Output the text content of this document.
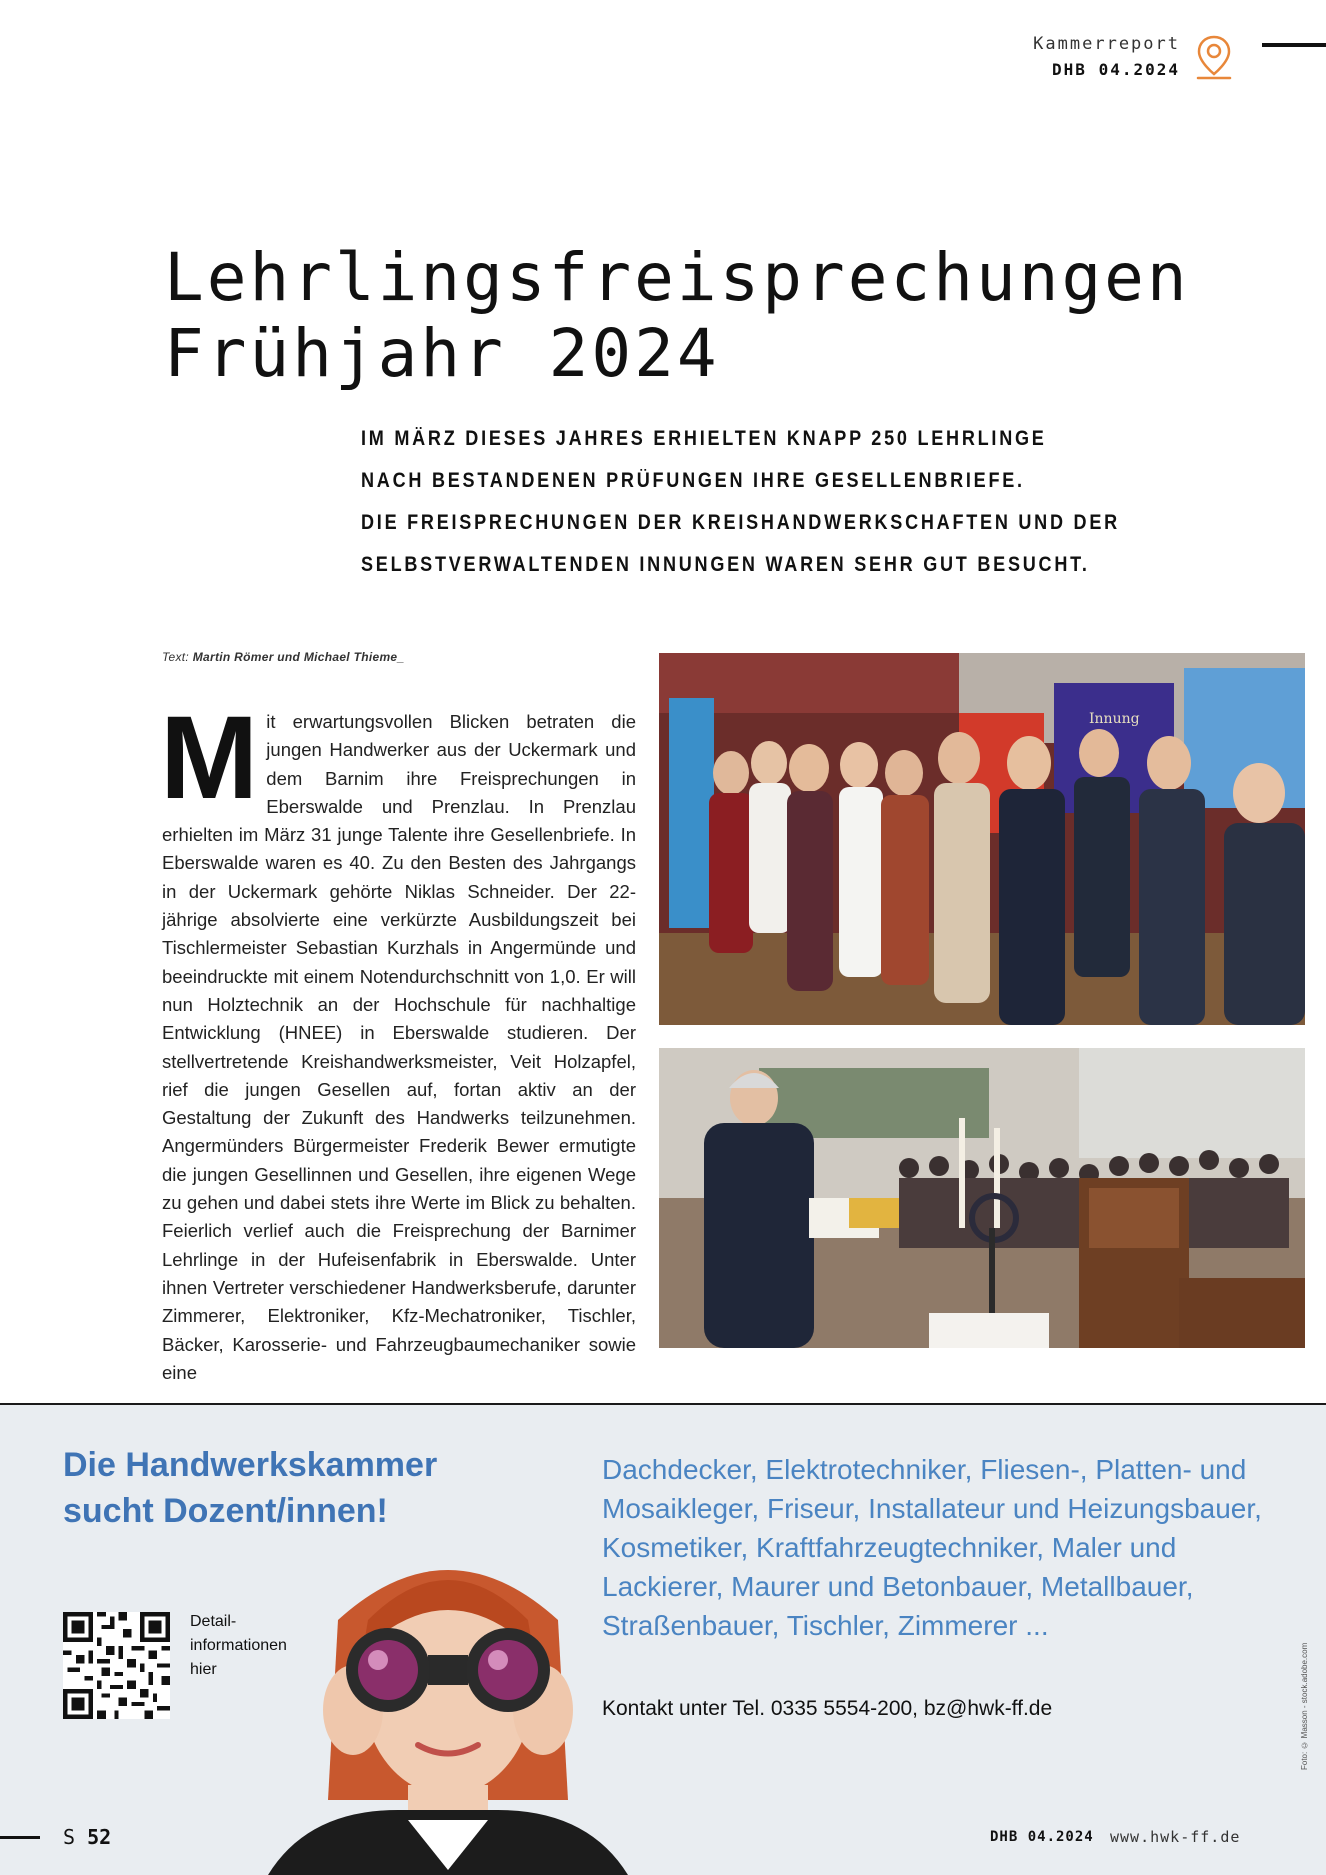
Kammerreport
DHB 04.2024
Lehrlingsfreisprechungen
Frühjahr 2024

IM MÄRZ DIESES JAHRES ERHIELTEN KNAPP 250 LEHRLINGE

NACH BESTANDENEN PRÜFUNGEN IHRE GESELLENBRIEFE.

DIE FREISPRECHUNGEN DER KREISHANDWERKSCHAFTEN UND DER

SELBSTVERWALTENDEN INNUNGEN WAREN SEHR GUT BESUCHT.

Text: Martin Römer und Michael Thieme_
M it erwartungsvollen Blicken betraten die jungen Handwerker aus der Uckermark und dem Barnim ihre Freisprechungen in Eberswalde und Prenzlau. In Prenzlau erhielten im März 31 junge Talente ihre Gesellenbriefe. In Eberswalde waren es 40. Zu den Besten des Jahrgangs in der Uckermark gehörte Niklas Schneider. Der 22-jährige absolvierte eine verkürzte Ausbildungszeit bei Tischlermeister Sebastian Kurzhals in Angermünde und beeindruckte mit einem Notendurchschnitt von 1,0. Er will nun Holztechnik an der Hochschule für nachhaltige Entwicklung (HNEE) in Eberswalde studieren. Der stellvertretende Kreishandwerksmeister, Veit Holzapfel, rief die jungen Gesellen auf, fortan aktiv an der Gestaltung der Zukunft des Handwerks teilzunehmen. Angermünders Bürgermeister Frederik Bewer ermutigte die jungen Gesellinnen und Gesellen, ihre eigenen Wege zu gehen und dabei stets ihre Werte im Blick zu behalten. Feierlich verlief auch die Freisprechung der Barnimer Lehrlinge in der Hufeisenfabrik in Eberswalde. Unter ihnen Vertreter verschiedener Handwerksberufe, darunter Zimmerer, Elektroniker, Kfz-Mechatroniker, Tischler, Bäcker, Karosserie- und Fahrzeugbaumechaniker sowie eine
Innung
Die Handwerkskammer sucht Dozent/innen!
Dachdecker, Elektrotechniker, Fliesen-, Platten- und Mosaikleger, Friseur, Installateur und Heizungsbauer, Kosmetiker, Kraftfahrzeugtechniker, Maler und Lackierer, Maurer und Betonbauer, Metallbauer, Straßenbauer, Tischler, Zimmerer ...
Kontakt unter Tel. 0335 5554-200, bz@hwk-ff.de
Detail-
informationen
hier	Foto: © Masson - stock.adobe.com
S 52	DHB 04.2024 www.hwk-ff.de
